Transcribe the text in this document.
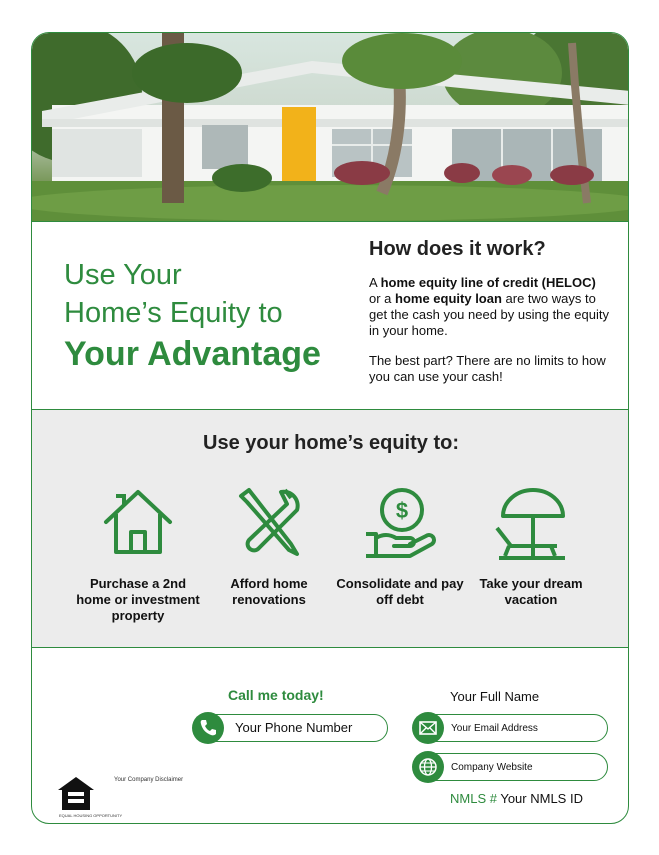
Use Your
Home’s Equity to
Your Advantage
How does it work?

A home equity line of credit (HELOC) or a home equity loan are two ways to get the cash you need by using the equity in your home.

The best part? There are no limits to how you can use your cash!

Use your home’s equity to:
Purchase a 2nd home or investment property
Afford home renovations
$
Consolidate and pay off debt
Take your dream vacation
Call me today!
Your Phone Number
Your Full Name
Your Email Address
Company Website
NMLS # Your NMLS ID
Your Company Disclaimer
EQUAL HOUSING OPPORTUNITY
